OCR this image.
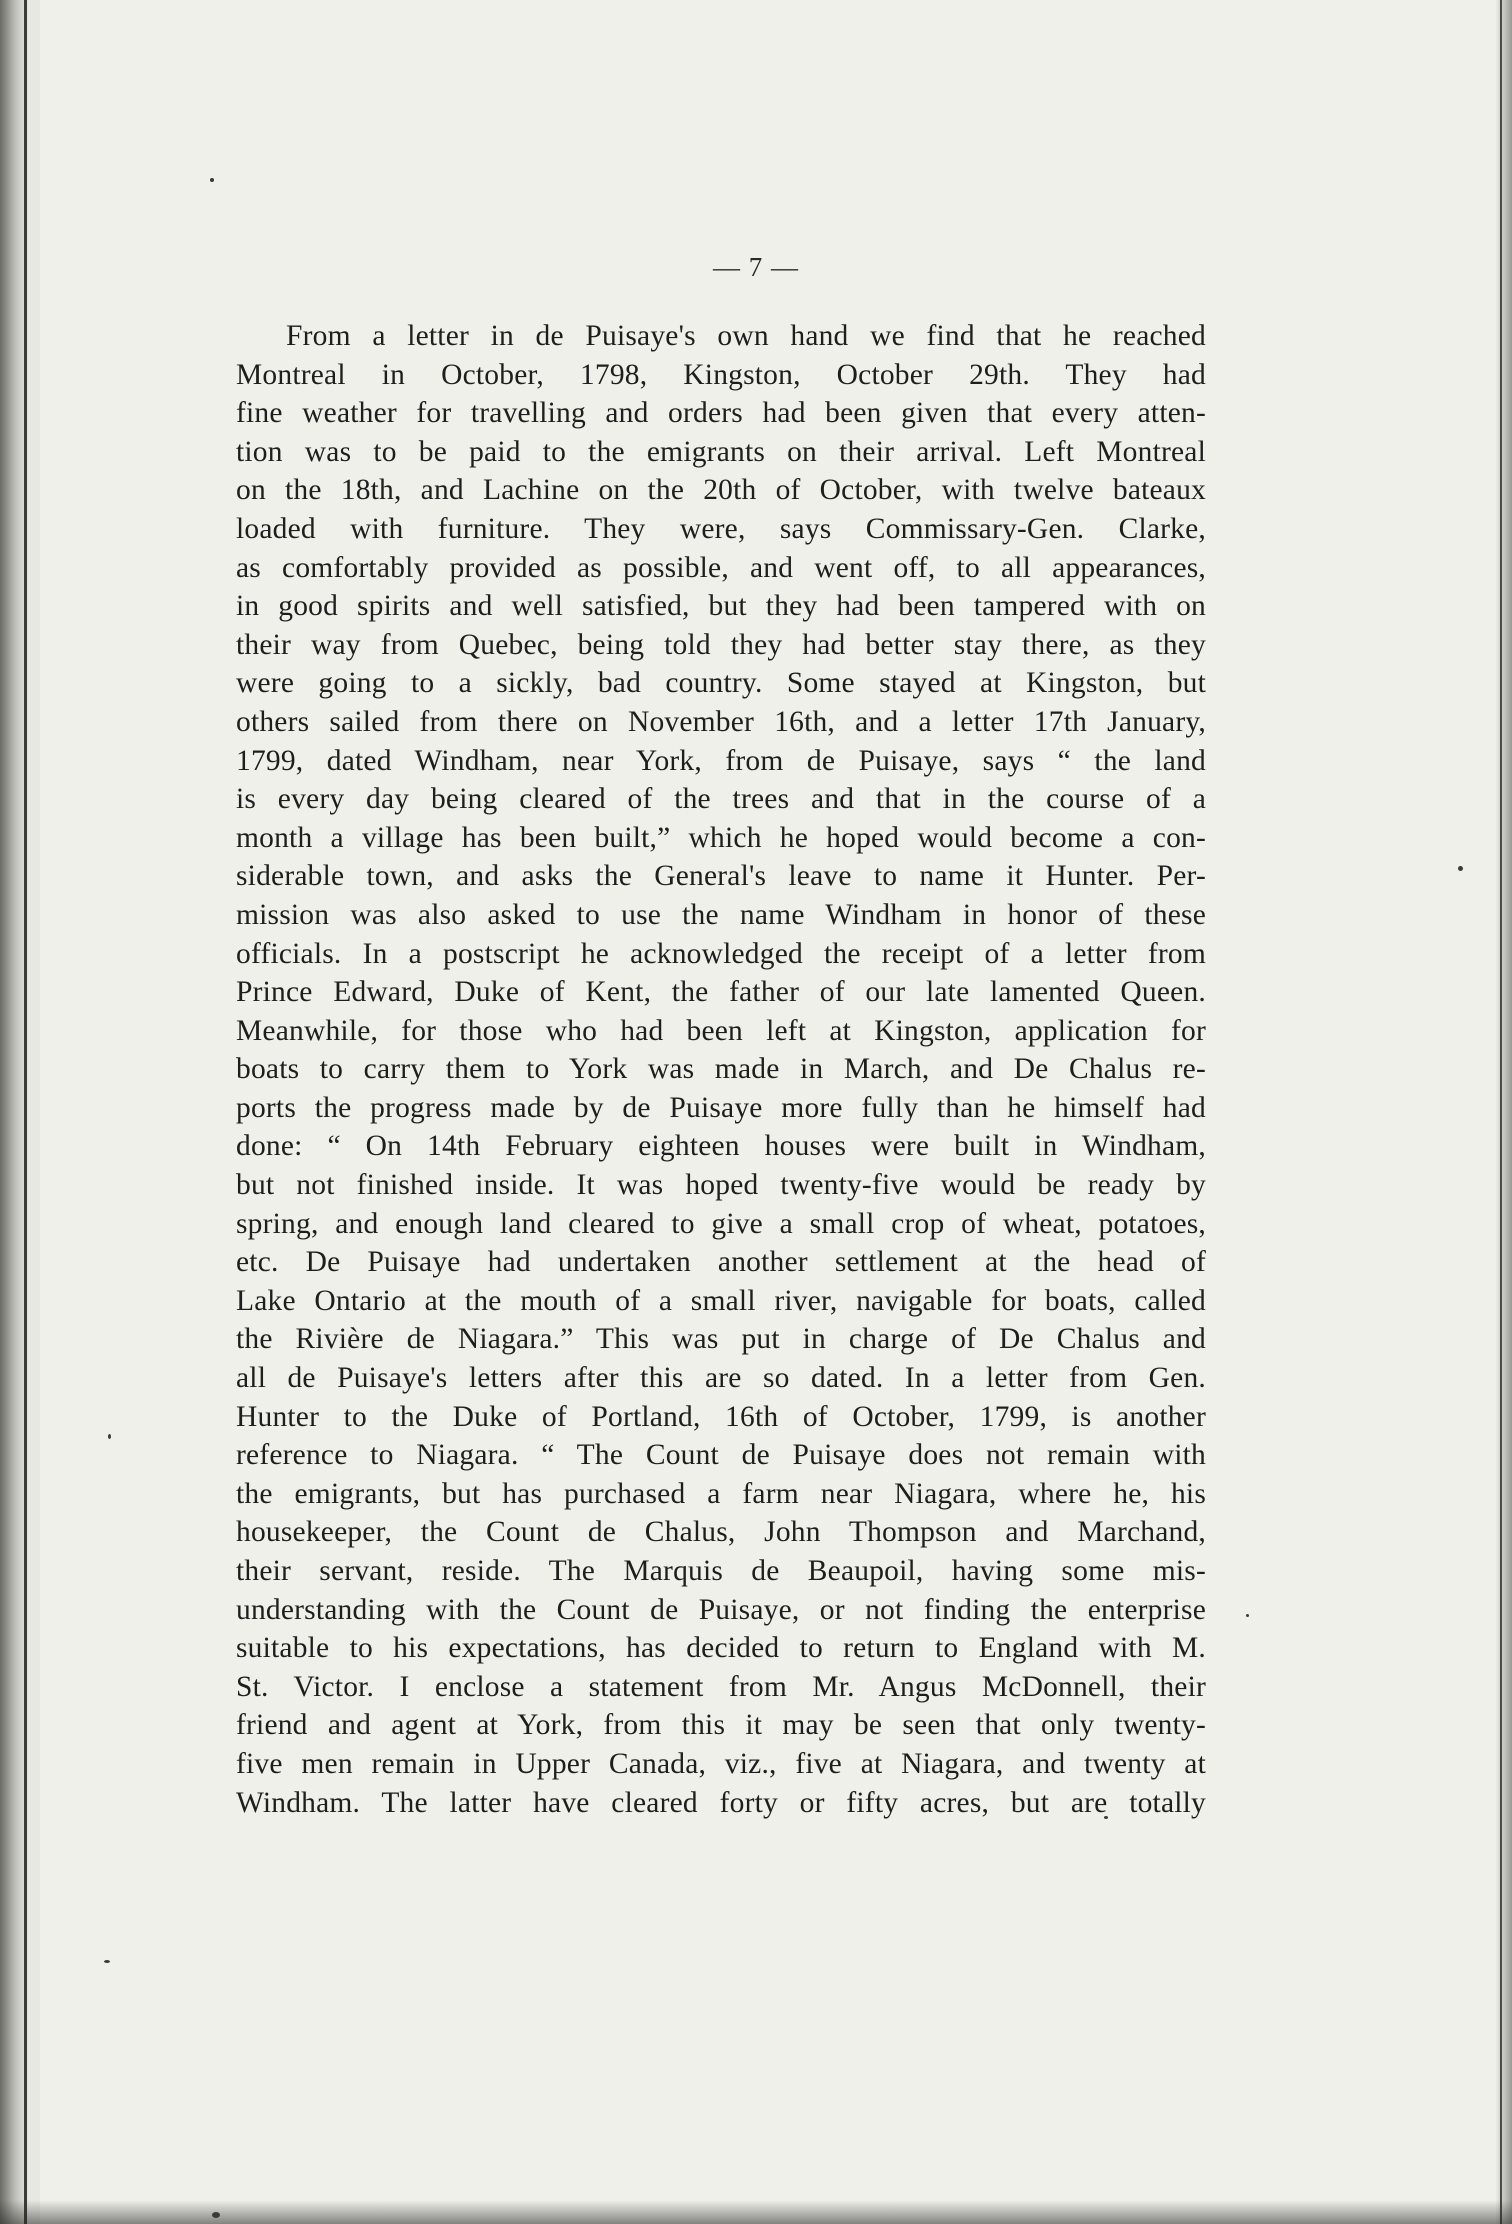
— 7 —
From a letter in de Puisaye's own hand we find that he reached
Montreal in October, 1798, Kingston, October 29th. They had
fine weather for travelling and orders had been given that every atten-
tion was to be paid to the emigrants on their arrival. Left Montreal
on the 18th, and Lachine on the 20th of October, with twelve bateaux
loaded with furniture. They were, says Commissary-Gen. Clarke,
as comfortably provided as possible, and went off, to all appearances,
in good spirits and well satisfied, but they had been tampered with on
their way from Quebec, being told they had better stay there, as they
were going to a sickly, bad country. Some stayed at Kingston, but
others sailed from there on November 16th, and a letter 17th January,
1799, dated Windham, near York, from de Puisaye, says “ the land
is every day being cleared of the trees and that in the course of a
month a village has been built,” which he hoped would become a con-
siderable town, and asks the General's leave to name it Hunter. Per-
mission was also asked to use the name Windham in honor of these
officials. In a postscript he acknowledged the receipt of a letter from
Prince Edward, Duke of Kent, the father of our late lamented Queen.
Meanwhile, for those who had been left at Kingston, application for
boats to carry them to York was made in March, and De Chalus re-
ports the progress made by de Puisaye more fully than he himself had
done: “ On 14th February eighteen houses were built in Windham,
but not finished inside. It was hoped twenty-five would be ready by
spring, and enough land cleared to give a small crop of wheat, potatoes,
etc. De Puisaye had undertaken another settlement at the head of
Lake Ontario at the mouth of a small river, navigable for boats, called
the Rivière de Niagara.” This was put in charge of De Chalus and
all de Puisaye's letters after this are so dated. In a letter from Gen.
Hunter to the Duke of Portland, 16th of October, 1799, is another
reference to Niagara. “ The Count de Puisaye does not remain with
the emigrants, but has purchased a farm near Niagara, where he, his
housekeeper, the Count de Chalus, John Thompson and Marchand,
their servant, reside. The Marquis de Beaupoil, having some mis-
understanding with the Count de Puisaye, or not finding the enterprise
suitable to his expectations, has decided to return to England with M.
St. Victor. I enclose a statement from Mr. Angus McDonnell, their
friend and agent at York, from this it may be seen that only twenty-
five men remain in Upper Canada, viz., five at Niagara, and twenty at
Windham. The latter have cleared forty or fifty acres, but are totally
